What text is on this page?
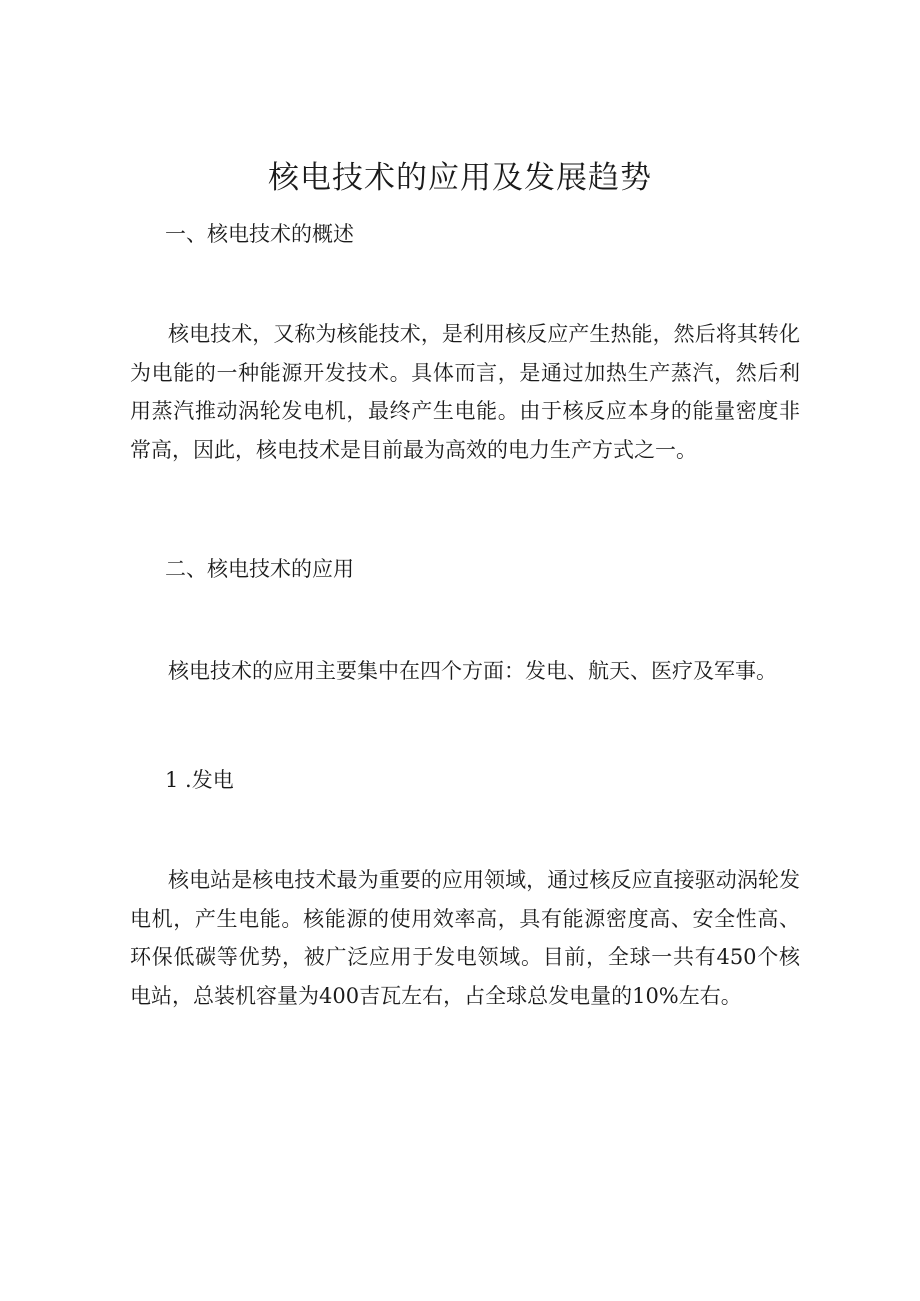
核电技术的应用及发展趋势
一、核电技术的概述

核电技术，又称为核能技术，是利用核反应产生热能，然后将其转化为电能的一种能源开发技术。具体而言，是通过加热生产蒸汽，然后利用蒸汽推动涡轮发电机，最终产生电能。由于核反应本身的能量密度非常高，因此，核电技术是目前最为高效的电力生产方式之一。

二、核电技术的应用

核电技术的应用主要集中在四个方面：发电、航天、医疗及军事。

1 .发电

核电站是核电技术最为重要的应用领域，通过核反应直接驱动涡轮发电机，产生电能。核能源的使用效率高，具有能源密度高、安全性高、环保低碳等优势，被广泛应用于发电领域。目前，全球一共有450个核电站，总装机容量为400吉瓦左右，占全球总发电量的10%左右。
